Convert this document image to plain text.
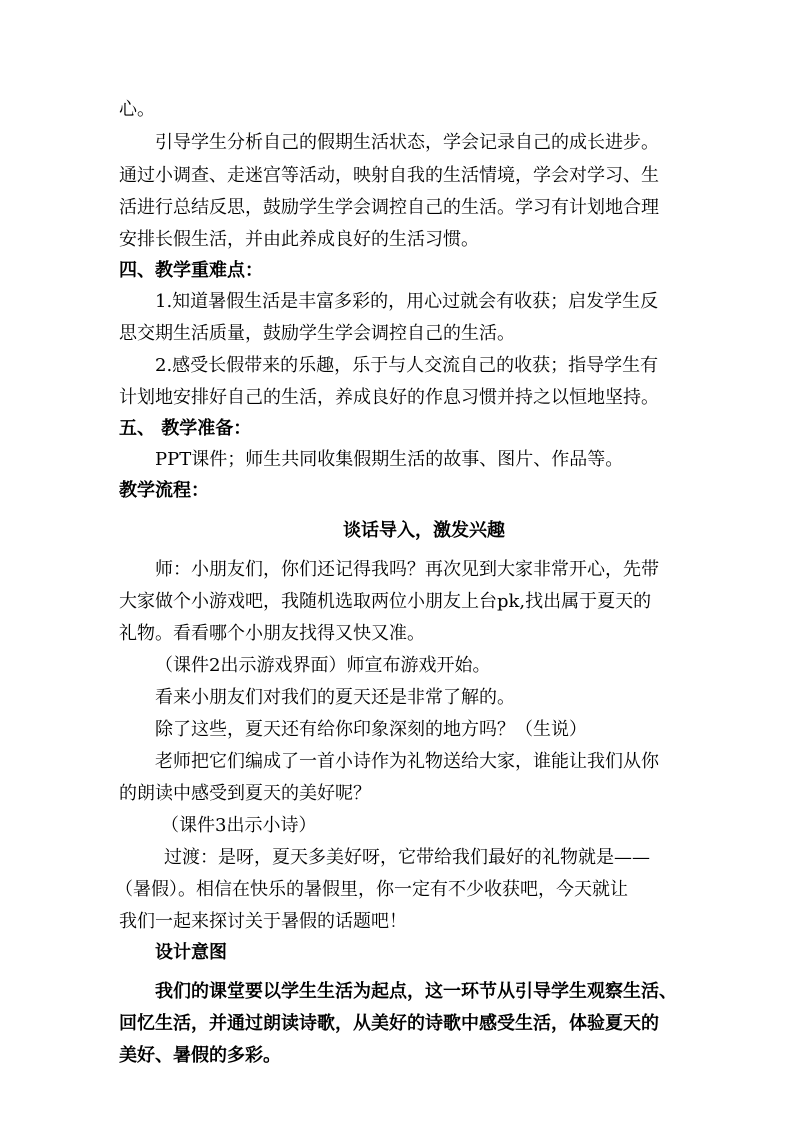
心。
引导学生分析自己的假期生活状态，学会记录自己的成长进步。
通过小调查、走迷宫等活动，映射自我的生活情境，学会对学习、生
活进行总结反思，鼓励学生学会调控自己的生活。学习有计划地合理
安排长假生活，并由此养成良好的生活习惯。
四、教学重难点：
1.知道暑假生活是丰富多彩的，用心过就会有收获；启发学生反
思交期生活质量，鼓励学生学会调控自己的生活。
2.感受长假带来的乐趣，乐于与人交流自己的收获；指导学生有
计划地安排好自己的生活，养成良好的作息习惯并持之以恒地坚持。
五、 教学准备：
PPT课件；师生共同收集假期生活的故事、图片、作品等。
教学流程：
谈话导入，激发兴趣
师：小朋友们，你们还记得我吗？再次见到大家非常开心，先带
大家做个小游戏吧，我随机选取两位小朋友上台pk,找出属于夏天的
礼物。看看哪个小朋友找得又快又准。
（课件2出示游戏界面）师宣布游戏开始。
看来小朋友们对我们的夏天还是非常了解的。
除了这些，夏天还有给你印象深刻的地方吗？（生说）
老师把它们编成了一首小诗作为礼物送给大家，谁能让我们从你
的朗读中感受到夏天的美好呢？
（课件3出示小诗）
过渡：是呀，夏天多美好呀，它带给我们最好的礼物就是——
（暑假）。相信在快乐的暑假里，你一定有不少收获吧，今天就让
我们一起来探讨关于暑假的话题吧！
设计意图
我们的课堂要以学生生活为起点，这一环节从引导学生观察生活、
回忆生活，并通过朗读诗歌，从美好的诗歌中感受生活，体验夏天的
美好、暑假的多彩。
